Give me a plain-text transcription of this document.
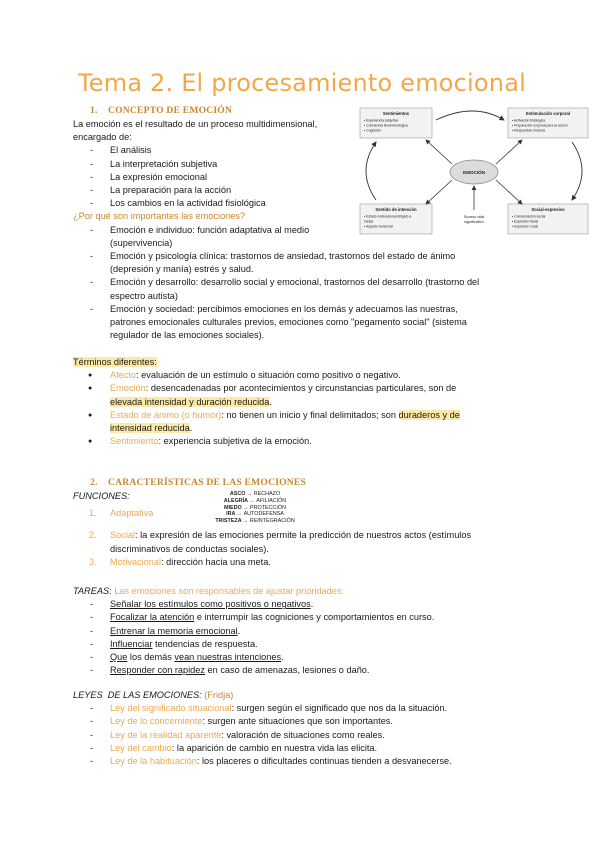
Tema 2. El procesamiento emocional
1. CONCEPTO DE EMOCIÓN
La emoción es el resultado de un proceso multidimensional,
encargado de:
- El análisis
- La interpretación subjetiva
- La expresión emocional
- La preparación para la acción
- Los cambios en la actividad fisiológica
¿Por qué son importantes las emociones?
- Emoción e individuo: función adaptativa al medio
(supervivencia)
- Emoción y psicología clínica: trastornos de ansiedad, trastornos del estado de ánimo
(depresión y manía) estrés y salud.
- Emoción y desarrollo: desarrollo social y emocional, trastornos del desarrollo (trastorno del
espectro autista)
- Emoción y sociedad: percibimos emociones en los demás y adecuamos las nuestras,
patrones emocionales culturales previos, emociones como "pegamento social" (sistema
regulador de las emociones sociales).
Términos diferentes:
● Afecto: evaluación de un estímulo o situación como positivo o negativo.
● Emoción: desencadenadas por acontecimientos y circunstancias particulares, son de
elevada intensidad y duración reducida.
● Estado de ánimo (o humor): no tienen un inicio y final delimitados; son duraderos y de
intensidad reducida.
● Sentimiento: experiencia subjetiva de la emoción.
EMOCIÓN
Sentimientos
• Experiencia subjetiva
• Conciencia fenomenológica
• Cognición
Estimulación corporal
• Activación fisiológica
• Preparación corporal para la acción
• Respuestas motoras
Sentido de intención
• Estado motivacional dirigido a
metas
• Aspecto funcional
Social-expresivo
• Comunicación social
• Expresión facial
• Expresión vocal
Suceso vital
significativo
2. CARACTERÍSTICAS DE LAS EMOCIONES
FUNCIONES:
1. Adaptativa
2. Social: la expresión de las emociones permite la predicción de nuestros actos (estímulos
discriminativos de conductas sociales).
3. Motivacional: dirección hacia una meta.
ASCO → RECHAZO
ALEGRÍA → AFILIACIÓN
MIEDO → PROTECCIÓN
IRA → AUTODEFENSA
TRISTEZA → REINTEGRACIÓN
TAREAS: Las emociones son responsables de ajustar prioridades.
- Señalar los estímulos como positivos o negativos.
- Focalizar la atención e interrumpir las cogniciones y comportamientos en curso.
- Entrenar la memoria emocional.
- Influenciar tendencias de respuesta.
- Que los demás vean nuestras intenciones.
- Responder con rapidez en caso de amenazas, lesiones o daño.
LEYES  DE LAS EMOCIONES: (Fridja)
- Ley del significado situacional: surgen según el significado que nos da la situación.
- Ley de lo concerniente: surgen ante situaciones que son importantes.
- Ley de la realidad aparente: valoración de situaciones como reales.
- Ley del cambio: la aparición de cambio en nuestra vida las elicita.
- Ley de la habituación: los placeres o dificultades continuas tienden a desvanecerse.
